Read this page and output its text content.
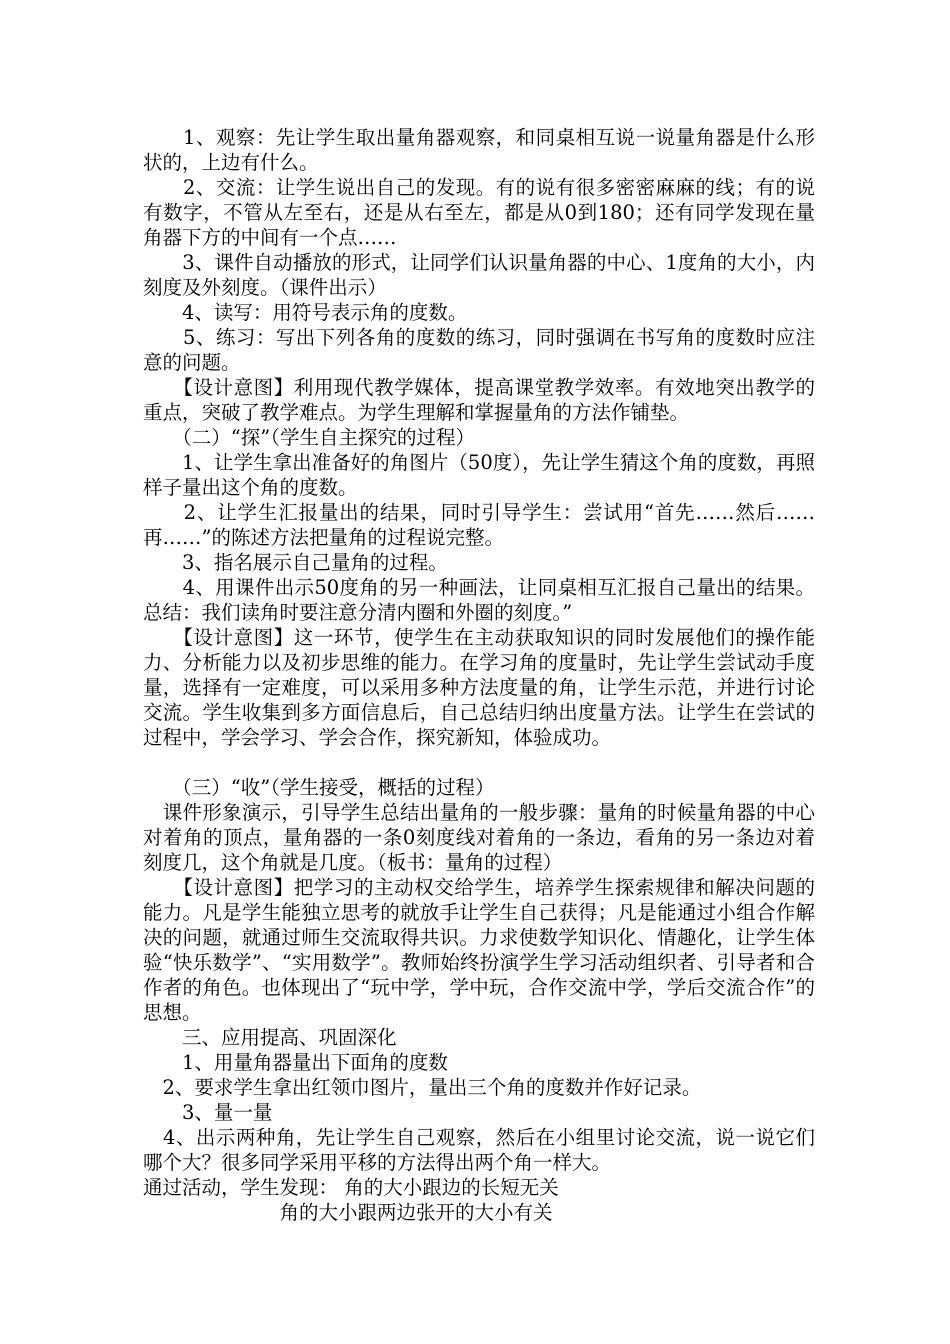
　　1、观察：先让学生取出量角器观察，和同桌相互说一说量角器是什么形状的，上边有什么。

　　2、交流：让学生说出自己的发现。有的说有很多密密麻麻的线；有的说有数字，不管从左至右，还是从右至左，都是从0到180；还有同学发现在量角器下方的中间有一个点……

　　3、课件自动播放的形式，让同学们认识量角器的中心、1度角的大小，内刻度及外刻度。（课件出示）

　　4、读写：用符号表示角的度数。

　　5、练习：写出下列各角的度数的练习，同时强调在书写角的度数时应注意的问题。

　　【设计意图】利用现代教学媒体，提高课堂教学效率。有效地突出教学的重点，突破了教学难点。为学生理解和掌握量角的方法作铺垫。

　　（二）“探”（学生自主探究的过程）

　　1、让学生拿出准备好的角图片（50度），先让学生猜这个角的度数，再照样子量出这个角的度数。

　　2、让学生汇报量出的结果，同时引导学生：尝试用“首先……然后……再……”的陈述方法把量角的过程说完整。

　　3、指名展示自己量角的过程。

　　4、用课件出示50度角的另一种画法，让同桌相互汇报自己量出的结果。总结：我们读角时要注意分清内圈和外圈的刻度。”

　　【设计意图】这一环节，使学生在主动获取知识的同时发展他们的操作能力、分析能力以及初步思维的能力。在学习角的度量时，先让学生尝试动手度量，选择有一定难度，可以采用多种方法度量的角，让学生示范，并进行讨论交流。学生收集到多方面信息后，自己总结归纳出度量方法。让学生在尝试的过程中，学会学习、学会合作，探究新知，体验成功。

　　（三）“收”（学生接受，概括的过程）

　课件形象演示，引导学生总结出量角的一般步骤：量角的时候量角器的中心对着角的顶点，量角器的一条0刻度线对着角的一条边，看角的另一条边对着刻度几，这个角就是几度。（板书：量角的过程）

　　【设计意图】把学习的主动权交给学生，培养学生探索规律和解决问题的能力。凡是学生能独立思考的就放手让学生自己获得；凡是能通过小组合作解决的问题，就通过师生交流取得共识。力求使数学知识化、情趣化，让学生体验“快乐数学”、“实用数学”。教师始终扮演学生学习活动组织者、引导者和合作者的角色。也体现出了“玩中学，学中玩，合作交流中学，学后交流合作”的思想。

　　三、应用提高、巩固深化

　　1、用量角器量出下面角的度数

　2、要求学生拿出红领巾图片，量出三个角的度数并作好记录。

　　3、量一量

　4、出示两种角，先让学生自己观察，然后在小组里讨论交流，说一说它们哪个大？很多同学采用平移的方法得出两个角一样大。

通过活动，学生发现： 角的大小跟边的长短无关

　　　　　　　角的大小跟两边张开的大小有关
